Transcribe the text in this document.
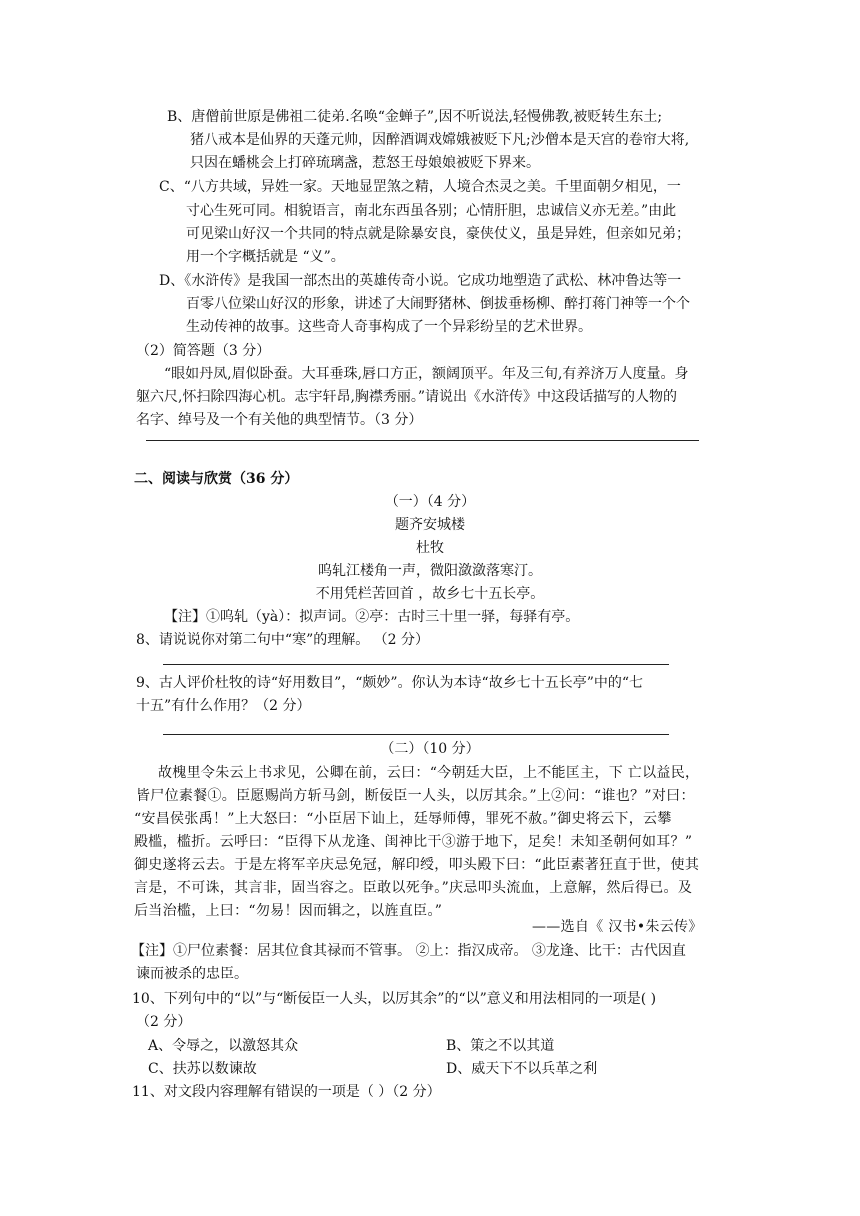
B、唐僧前世原是佛祖二徒弟.名唤“金蝉子”,因不听说法,轻慢佛教,被贬转生东土;
猪八戒本是仙界的天蓬元帅，因醉酒调戏嫦娥被贬下凡;沙僧本是天宫的卷帘大将,
只因在蟠桃会上打碎琉璃盏，惹怒王母娘娘被贬下界来。
C、“八方共域，异姓一家。天地显罡煞之精，人境合杰灵之美。千里面朝夕相见，一
寸心生死可同。相貌语言，南北东西虽各别；心情肝胆，忠诚信义亦无差。”由此
可见梁山好汉一个共同的特点就是除暴安良，豪侠仗义，虽是异姓，但亲如兄弟；
用一个字概括就是 “义”。
D、《水浒传》是我国一部杰出的英雄传奇小说。它成功地塑造了武松、林冲鲁达等一
百零八位梁山好汉的形象，讲述了大闹野猪林、倒拔垂杨柳、醉打蒋门神等一个个
生动传神的故事。这些奇人奇事构成了一个异彩纷呈的艺术世界。
（2）简答题（3 分）
“眼如丹凤,眉似卧蚕。大耳垂珠,唇口方正，额阔顶平。年及三旬,有养济万人度量。身
躯六尺,怀扫除四海心机。志宇轩昂,胸襟秀丽。”请说出《水浒传》中这段话描写的人物的
名字、绰号及一个有关他的典型情节。（3 分）
二、阅读与欣赏（36 分）
（一）（4 分）
题齐安城楼
杜牧
呜轧江楼角一声，微阳潋潋落寒汀。
不用凭栏苦回首 ，故乡七十五长亭。
【注】①呜轧（yà）：拟声词。②亭：古时三十里一驿，每驿有亭。
8、请说说你对第二句中“寒”的理解。 （2 分）
9、古人评价杜牧的诗“好用数目”，“颇妙”。你认为本诗“故乡七十五长亭”中的“七
十五”有什么作用？（2 分）
（二）（10 分）
故槐里令朱云上书求见，公卿在前，云曰：“今朝廷大臣，上不能匡主，下 亡以益民，
皆尸位素餐①。臣愿赐尚方斩马剑，断佞臣一人头，以厉其余。”上②问：“谁也？”对曰：
“安昌侯张禹！”上大怒曰：“小臣居下讪上，廷辱师傅，罪死不赦。”御史将云下，云攀
殿槛，槛折。云呼曰：“臣得下从龙逢、闺神比干③游于地下，足矣！未知圣朝何如耳？”
御史遂将云去。于是左将军辛庆忌免冠，解印绶，叩头殿下曰：“此臣素著狂直于世，使其
言是，不可诛，其言非，固当容之。臣敢以死争。”庆忌叩头流血，上意解，然后得已。及
后当治槛，上曰：“勿易！因而辑之，以旌直臣。”
——选自《 汉书•朱云传》
【注】①尸位素餐：居其位食其禄而不管事。 ②上：指汉成帝。 ③龙逢、比干：古代因直
谏而被杀的忠臣。
10、下列句中的“以”与“断佞臣一人头，以厉其余”的“以”意义和用法相同的一项是( )
（2 分）
A、令辱之，以激怒其众	B、策之不以其道
C、扶苏以数谏故	D、威天下不以兵革之利
11、对文段内容理解有错误的一项是（ ）（2 分）
